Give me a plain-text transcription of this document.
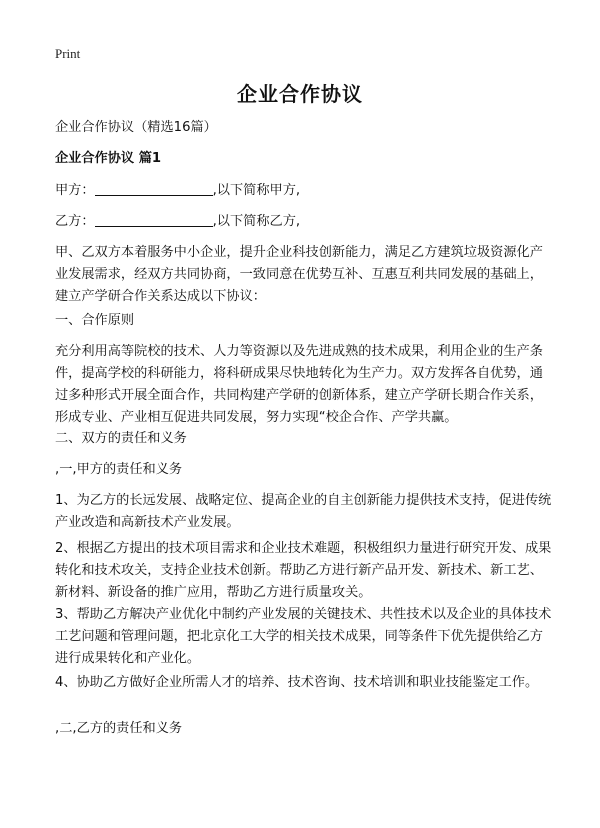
Print
企业合作协议
企业合作协议（精选16篇）
企业合作协议 篇1
甲方：	,以下简称甲方,
乙方：	,以下简称乙方,
甲、乙双方本着服务中小企业，提升企业科技创新能力，满足乙方建筑垃圾资源化产业发展需求，经双方共同协商，一致同意在优势互补、互惠互利共同发展的基础上，建立产学研合作关系达成以下协议：
一、合作原则
充分利用高等院校的技术、人力等资源以及先进成熟的技术成果，利用企业的生产条件，提高学校的科研能力，将科研成果尽快地转化为生产力。双方发挥各自优势，通过多种形式开展全面合作，共同构建产学研的创新体系，建立产学研长期合作关系，形成专业、产业相互促进共同发展，努力实现“校企合作、产学共赢。
二、双方的责任和义务
,一,甲方的责任和义务
1、为乙方的长远发展、战略定位、提高企业的自主创新能力提供技术支持，促进传统产业改造和高新技术产业发展。
2、根据乙方提出的技术项目需求和企业技术难题，积极组织力量进行研究开发、成果转化和技术攻关，支持企业技术创新。帮助乙方进行新产品开发、新技术、新工艺、新材料、新设备的推广应用，帮助乙方进行质量攻关。
3、帮助乙方解决产业优化中制约产业发展的关键技术、共性技术以及企业的具体技术工艺问题和管理问题，把北京化工大学的相关技术成果，同等条件下优先提供给乙方进行成果转化和产业化。
4、协助乙方做好企业所需人才的培养、技术咨询、技术培训和职业技能鉴定工作。
,二,乙方的责任和义务
